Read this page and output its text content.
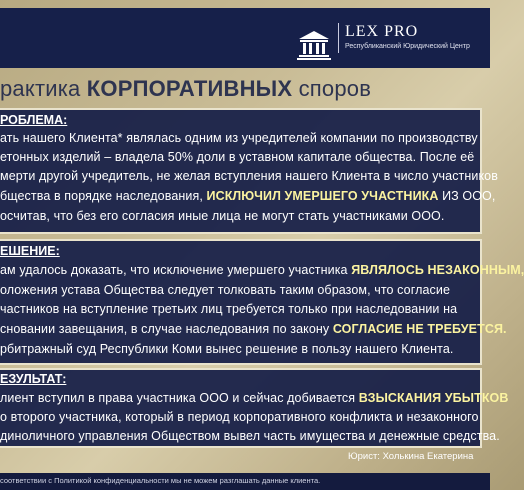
LEX PRO
Республиканский Юридический Центр
рактика КОРПОРАТИВНЫХ споров
РОБЛЕМА:
ать нашего Клиента* являлась одним из учредителей компании по производству
етонных изделий – владела 50% доли в уставном капитале общества. После её
мерти другой учредитель, не желая вступления нашего Клиента в число участников
бщества в порядке наследования, ИСКЛЮЧИЛ УМЕРШЕГО УЧАСТНИКА ИЗ ООО,
осчитав, что без его согласия иные лица не могут стать участниками ООО.
ЕШЕНИЕ:
ам удалось доказать, что исключение умершего участника ЯВЛЯЛОСЬ НЕЗАКОННЫМ,
оложения устава Общества следует толковать таким образом, что согласие
частников на вступление третьих лиц требуется только при наследовании на
сновании завещания, в случае наследования по закону СОГЛАСИЕ НЕ ТРЕБУЕТСЯ.
рбитражный суд Республики Коми вынес решение в пользу нашего Клиента.
ЕЗУЛЬТАТ:
лиент вступил в права участника ООО и сейчас добивается ВЗЫСКАНИЯ УБЫТКОВ
о второго участника, который в период корпоративного конфликта и незаконного
диноличного управления Обществом вывел часть имущества и денежные средства.
Юрист: Холькина Екатерина
соответствии с Политикой конфиденциальности мы не можем разглашать данные клиента.
